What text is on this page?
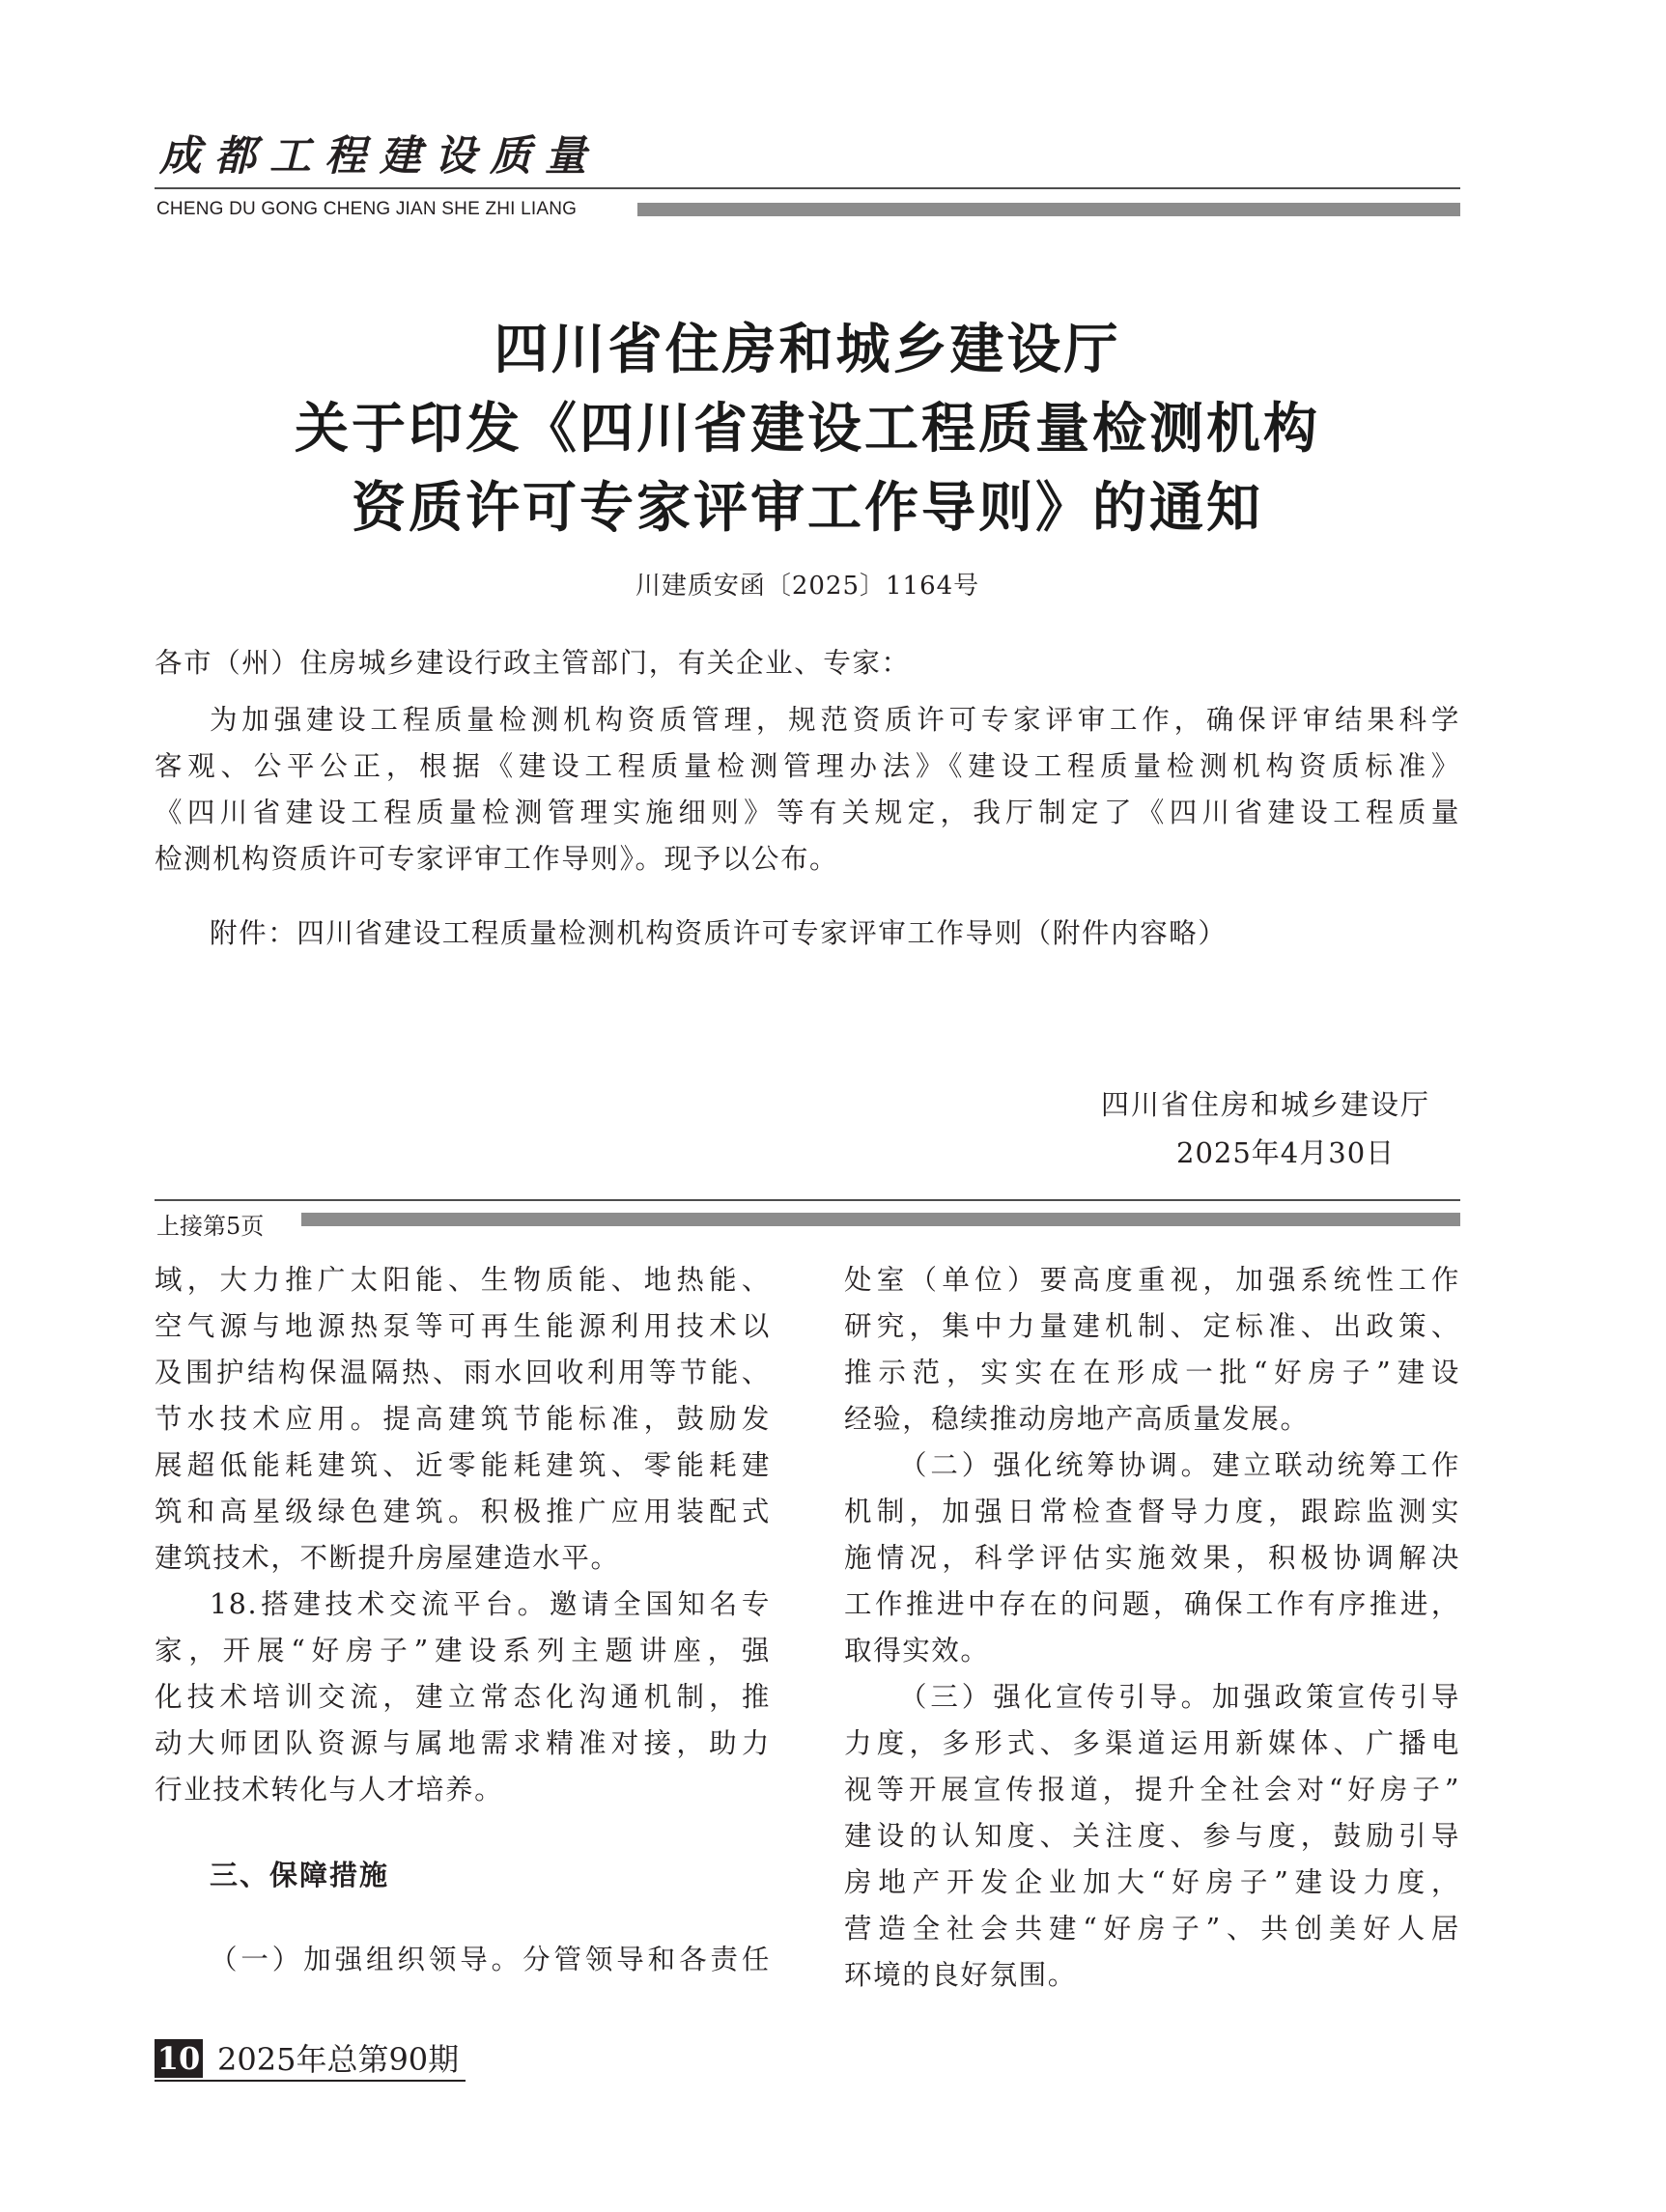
成都工程建设质量
CHENG DU GONG CHENG JIAN SHE ZHI LIANG
四川省住房和城乡建设厅
关于印发《四川省建设工程质量检测机构
资质许可专家评审工作导则》的通知
川建质安函〔2025〕1164号
各市（州）住房城乡建设行政主管部门，有关企业、专家：
为加强建设工程质量检测机构资质管理，规范资质许可专家评审工作，确保评审结果科学
客观、公平公正，根据《建设工程质量检测管理办法》《建设工程质量检测机构资质标准》
《四川省建设工程质量检测管理实施细则》等有关规定，我厅制定了《四川省建设工程质量
检测机构资质许可专家评审工作导则》。现予以公布。
附件：四川省建设工程质量检测机构资质许可专家评审工作导则（附件内容略）
四川省住房和城乡建设厅
2025年4月30日
上接第5页
域，大力推广太阳能、生物质能、地热能、
空气源与地源热泵等可再生能源利用技术以
及围护结构保温隔热、雨水回收利用等节能、
节水技术应用。提高建筑节能标准，鼓励发
展超低能耗建筑、近零能耗建筑、零能耗建
筑和高星级绿色建筑。积极推广应用装配式
建筑技术，不断提升房屋建造水平。
18.搭建技术交流平台。邀请全国知名专
家，开展“好房子”建设系列主题讲座，强
化技术培训交流，建立常态化沟通机制，推
动大师团队资源与属地需求精准对接，助力
行业技术转化与人才培养。
三、保障措施
（一）加强组织领导。分管领导和各责任
处室（单位）要高度重视，加强系统性工作
研究，集中力量建机制、定标准、出政策、
推示范，实实在在形成一批“好房子”建设
经验，稳续推动房地产高质量发展。
（二）强化统筹协调。建立联动统筹工作
机制，加强日常检查督导力度，跟踪监测实
施情况，科学评估实施效果，积极协调解决
工作推进中存在的问题，确保工作有序推进，
取得实效。
（三）强化宣传引导。加强政策宣传引导
力度，多形式、多渠道运用新媒体、广播电
视等开展宣传报道，提升全社会对“好房子”
建设的认知度、关注度、参与度，鼓励引导
房地产开发企业加大“好房子”建设力度，
营造全社会共建“好房子”、共创美好人居
环境的良好氛围。
10 2025年总第90期
